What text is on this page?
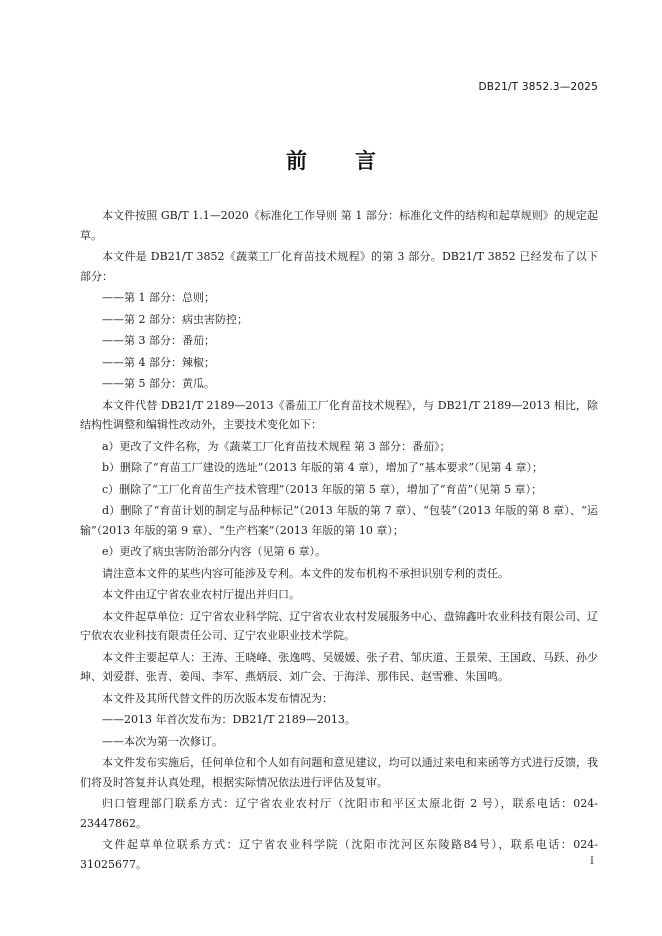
DB21/T 3852.3—2025
前言

本文件按照 GB/T 1.1—2020《标准化工作导则 第 1 部分：标准化文件的结构和起草规则》的规定起草。

本文件是 DB21/T 3852《蔬菜工厂化育苗技术规程》的第 3 部分。DB21/T 3852 已经发布了以下部分：

——第 1 部分：总则；

——第 2 部分：病虫害防控；

——第 3 部分：番茄；

——第 4 部分：辣椒；

——第 5 部分：黄瓜。

本文件代替 DB21/T 2189—2013《番茄工厂化育苗技术规程》，与 DB21/T 2189—2013 相比，除结构性调整和编辑性改动外，主要技术变化如下：

a）更改了文件名称，为《蔬菜工厂化育苗技术规程 第 3 部分：番茄》；

b）删除了“育苗工厂建设的选址”（2013 年版的第 4 章），增加了“基本要求”（见第 4 章）；

c）删除了“工厂化育苗生产技术管理”（2013 年版的第 5 章），增加了“育苗”（见第 5 章）；

d）删除了“育苗计划的制定与品种标记”（2013 年版的第 7 章）、“包装”（2013 年版的第 8 章）、“运输”（2013 年版的第 9 章）、“生产档案”（2013 年版的第 10 章）；

e）更改了病虫害防治部分内容（见第 6 章）。

请注意本文件的某些内容可能涉及专利。本文件的发布机构不承担识别专利的责任。

本文件由辽宁省农业农村厅提出并归口。

本文件起草单位：辽宁省农业科学院、辽宁省农业农村发展服务中心、盘锦鑫叶农业科技有限公司、辽宁依农农业科技有限责任公司、辽宁农业职业技术学院。

本文件主要起草人：王涛、王晓峰、张逸鸣、吴媛媛、张子君、邹庆道、王景荣、王国政、马跃、孙少坤、刘爱群、张青、姜闯、李军、燕炳辰、刘广会、于海洋、那伟民、赵雪雅、朱国鸣。

本文件及其所代替文件的历次版本发布情况为：

——2013 年首次发布为：DB21/T 2189—2013。

——本次为第一次修订。

本文件发布实施后，任何单位和个人如有问题和意见建议，均可以通过来电和来函等方式进行反馈，我们将及时答复并认真处理，根据实际情况依法进行评估及复审。

归口管理部门联系方式：辽宁省农业农村厅（沈阳市和平区太原北街 2 号），联系电话：024-23447862。

文件起草单位联系方式：辽宁省农业科学院（沈阳市沈河区东陵路84号），联系电话：024-31025677。	I
